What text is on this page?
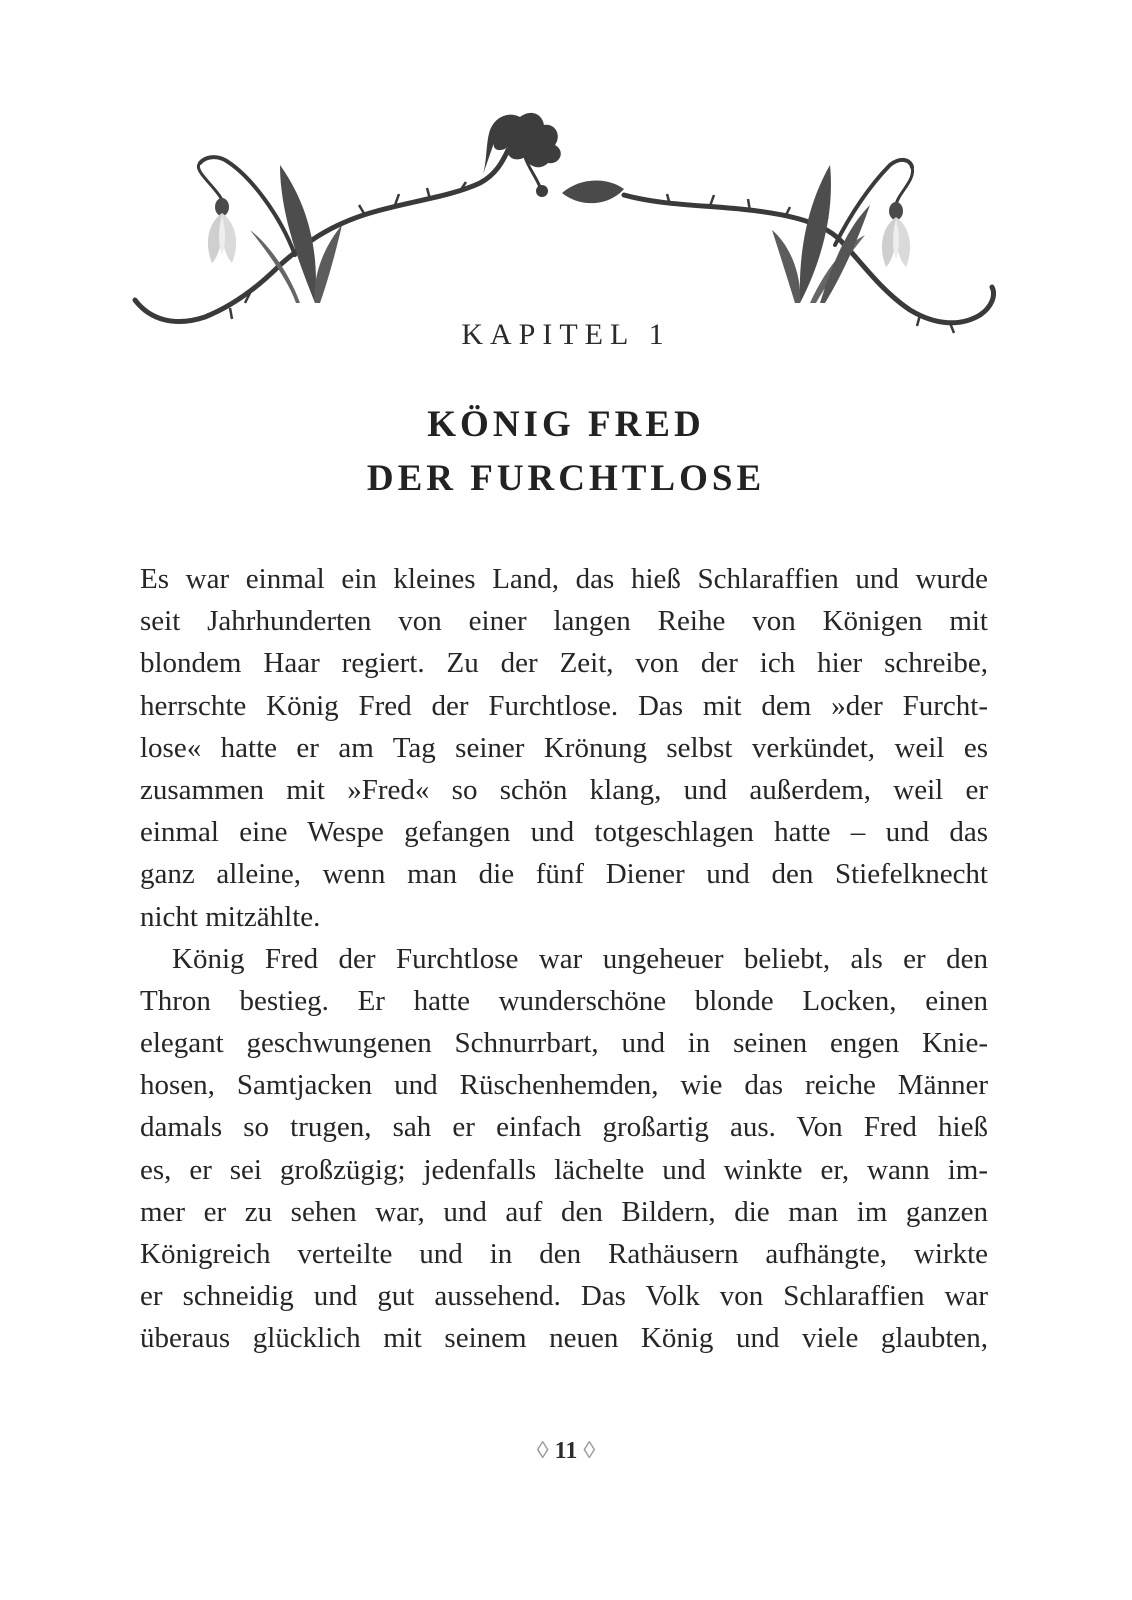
KAPITEL 1
KÖNIG FRED
DER FURCHTLOSE
Es war einmal ein kleines Land, das hieß Schlaraffien und wurde
seit Jahrhunderten von einer langen Reihe von Königen mit
blondem Haar regiert. Zu der Zeit, von der ich hier schreibe,
herrschte König Fred der Furchtlose. Das mit dem »der Furcht-
lose« hatte er am Tag seiner Krönung selbst verkündet, weil es
zusammen mit »Fred« so schön klang, und außerdem, weil er
einmal eine Wespe gefangen und totgeschlagen hatte – und das
ganz alleine, wenn man die fünf Diener und den Stiefelknecht
nicht mitzählte.
König Fred der Furchtlose war ungeheuer beliebt, als er den
Thron bestieg. Er hatte wunderschöne blonde Locken, einen
elegant geschwungenen Schnurrbart, und in seinen engen Knie-
hosen, Samtjacken und Rüschenhemden, wie das reiche Männer
damals so trugen, sah er einfach großartig aus. Von Fred hieß
es, er sei großzügig; jedenfalls lächelte und winkte er, wann im-
mer er zu sehen war, und auf den Bildern, die man im ganzen
Königreich verteilte und in den Rathäusern aufhängte, wirkte
er schneidig und gut aussehend. Das Volk von Schlaraffien war
überaus glücklich mit seinem neuen König und viele glaubten,
◊ 11 ◊
